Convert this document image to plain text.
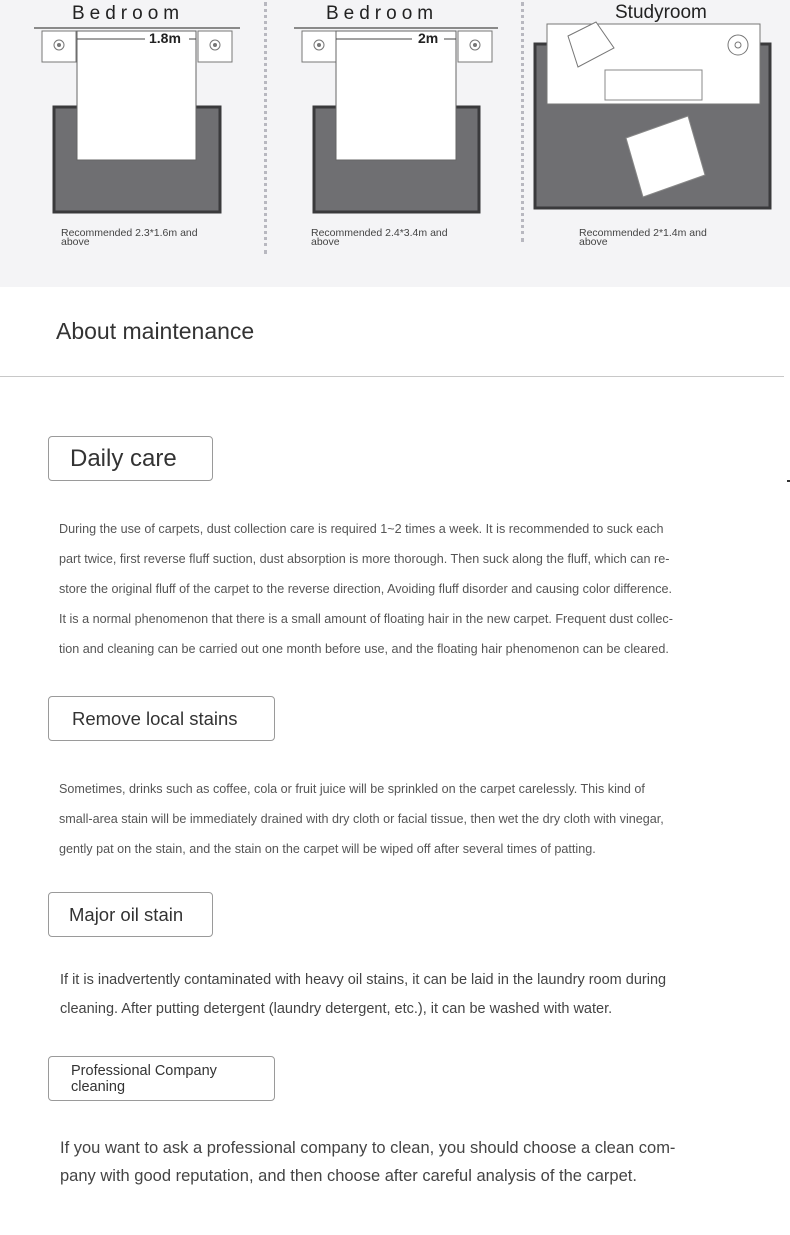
Bedroom	Bedroom	Studyroom
1.8m	2m
Recommended 2.3*1.6m and above
Recommended 2.4*3.4m and above
Recommended 2*1.4m and above
About maintenance
Daily care
During the use of carpets, dust collection care is required 1~2 times a week. It is recommended to suck each
part twice, first reverse fluff suction, dust absorption is more thorough. Then suck along the fluff, which can re-
store the original fluff of the carpet to the reverse direction, Avoiding fluff disorder and causing color difference.
It is a normal phenomenon that there is a small amount of floating hair in the new carpet. Frequent dust collec-
tion and cleaning can be carried out one month before use, and the floating hair phenomenon can be cleared.
Remove local stains
Sometimes, drinks such as coffee, cola or fruit juice will be sprinkled on the carpet carelessly. This kind of
small-area stain will be immediately drained with dry cloth or facial tissue, then wet the dry cloth with vinegar,
gently pat on the stain, and the stain on the carpet will be wiped off after several times of patting.
Major oil stain
If it is inadvertently contaminated with heavy oil stains, it can be laid in the laundry room during
cleaning. After putting detergent (laundry detergent, etc.), it can be washed with water.
Professional Company
cleaning
If you want to ask a professional company to clean, you should choose a clean com-
pany with good reputation, and then choose after careful analysis of the carpet.
